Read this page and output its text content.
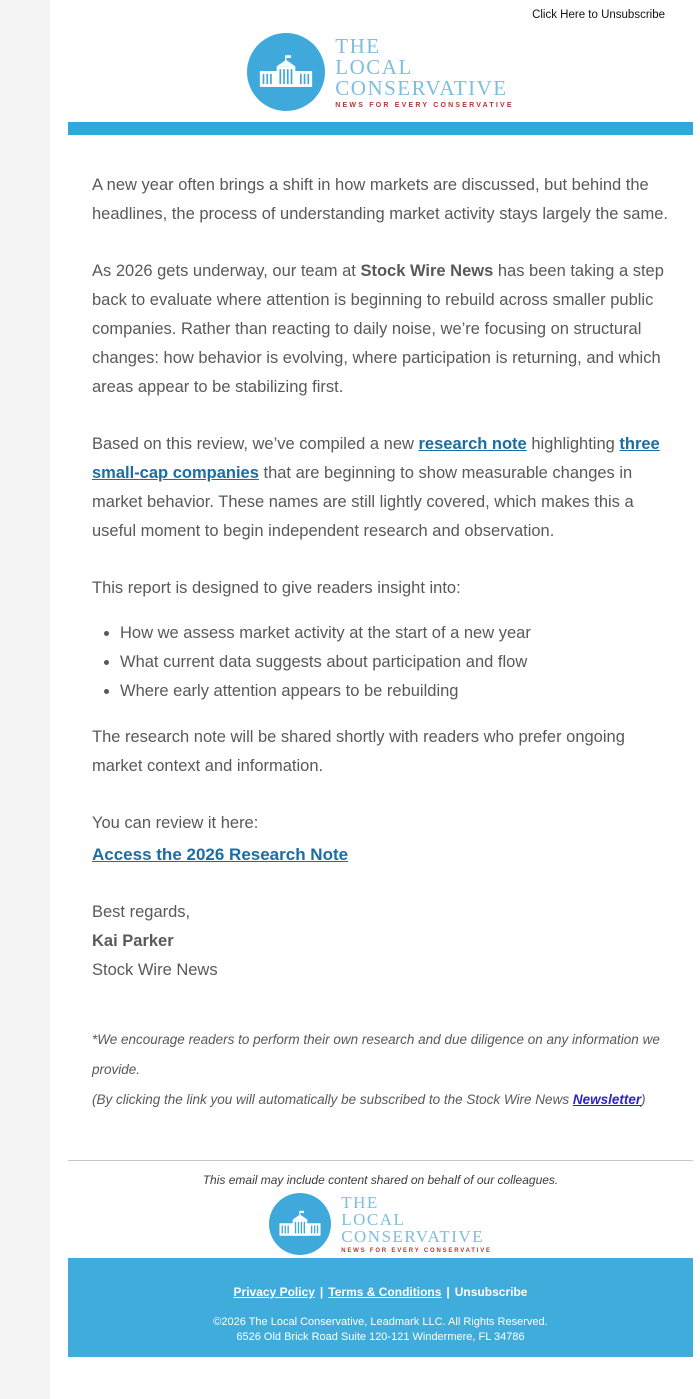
Click Here to Unsubscribe
THE
LOCAL
CONSERVATIVE
NEWS FOR EVERY CONSERVATIVE

A new year often brings a shift in how markets are discussed, but behind the headlines, the process of understanding market activity stays largely the same.

As 2026 gets underway, our team at Stock Wire News has been taking a step back to evaluate where attention is beginning to rebuild across smaller public companies. Rather than reacting to daily noise, we’re focusing on structural changes: how behavior is evolving, where participation is returning, and which areas appear to be stabilizing first.

Based on this review, we’ve compiled a new research note highlighting three small-cap companies that are beginning to show measurable changes in market behavior. These names are still lightly covered, which makes this a useful moment to begin independent research and observation.

This report is designed to give readers insight into:

• How we assess market activity at the start of a new year
• What current data suggests about participation and flow
• Where early attention appears to be rebuilding

The research note will be shared shortly with readers who prefer ongoing market context and information.

You can review it here:

Access the 2026 Research Note

Best regards,
Kai Parker
Stock Wire News
*We encourage readers to perform their own research and due diligence on any information we provide.
(By clicking the link you will automatically be subscribed to the Stock Wire News Newsletter)
This email may include content shared on behalf of our colleagues.
THE
LOCAL
CONSERVATIVE
NEWS FOR EVERY CONSERVATIVE
Privacy Policy | Terms & Conditions | Unsubscribe
©2026 The Local Conservative, Leadmark LLC. All Rights Reserved.
6526 Old Brick Road Suite 120-121 Windermere, FL 34786
